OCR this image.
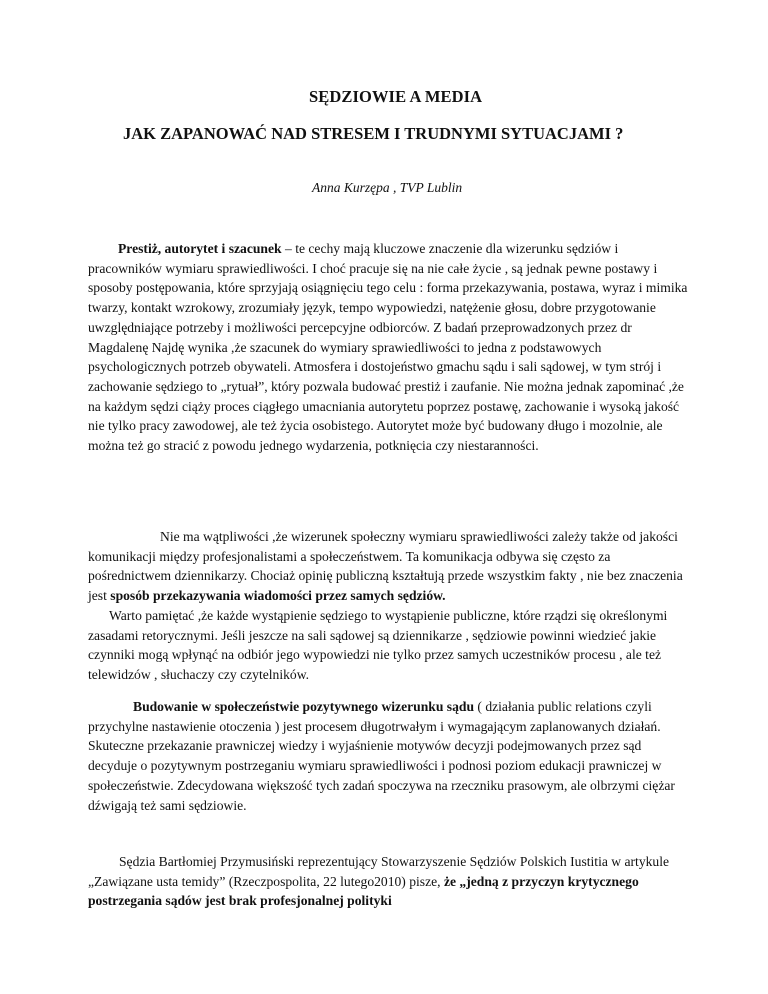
SĘDZIOWIE A MEDIA
JAK ZAPANOWAĆ NAD STRESEM I TRUDNYMI SYTUACJAMI ?
Anna Kurzępa , TVP Lublin

Prestiż, autorytet i szacunek – te cechy mają kluczowe znaczenie dla wizerunku sędziów i pracowników wymiaru sprawiedliwości. I choć pracuje się na nie całe życie , są jednak pewne postawy i sposoby postępowania, które sprzyjają osiągnięciu tego celu : forma przekazywania, postawa, wyraz i mimika twarzy, kontakt wzrokowy, zrozumiały język, tempo wypowiedzi, natężenie głosu, dobre przygotowanie uwzględniające potrzeby i możliwości percepcyjne odbiorców. Z badań przeprowadzonych przez dr Magdalenę Najdę wynika ,że szacunek do wymiary sprawiedliwości to jedna z podstawowych psychologicznych potrzeb obywateli. Atmosfera i dostojeństwo gmachu sądu i sali sądowej, w tym strój i zachowanie sędziego to „rytuał”, który pozwala budować prestiż i zaufanie. Nie można jednak zapominać ,że na każdym sędzi ciąży proces ciągłego umacniania autorytetu poprzez postawę, zachowanie i wysoką jakość nie tylko pracy zawodowej, ale też życia osobistego. Autorytet może być budowany długo i mozolnie, ale można też go stracić z powodu jednego wydarzenia, potknięcia czy niestaranności.

Nie ma wątpliwości ,że wizerunek społeczny wymiaru sprawiedliwości zależy także od jakości komunikacji między profesjonalistami a społeczeństwem. Ta komunikacja odbywa się często za pośrednictwem dziennikarzy. Chociaż opinię publiczną kształtują przede wszystkim fakty , nie bez znaczenia jest sposób przekazywania wiadomości przez samych sędziów.

Warto pamiętać ,że każde wystąpienie sędziego to wystąpienie publiczne, które rządzi się określonymi zasadami retorycznymi. Jeśli jeszcze na sali sądowej są dziennikarze , sędziowie powinni wiedzieć jakie czynniki mogą wpłynąć na odbiór jego wypowiedzi nie tylko przez samych uczestników procesu , ale też telewidzów , słuchaczy czy czytelników.

Budowanie w społeczeństwie pozytywnego wizerunku sądu ( działania public relations czyli przychylne nastawienie otoczenia ) jest procesem długotrwałym i wymagającym zaplanowanych działań. Skuteczne przekazanie prawniczej wiedzy i wyjaśnienie motywów decyzji podejmowanych przez sąd decyduje o pozytywnym postrzeganiu wymiaru sprawiedliwości i podnosi poziom edukacji prawniczej w społeczeństwie. Zdecydowana większość tych zadań spoczywa na rzeczniku prasowym, ale olbrzymi ciężar dźwigają też sami sędziowie.

Sędzia Bartłomiej Przymusiński reprezentujący Stowarzyszenie Sędziów Polskich Iustitia w artykule „Zawiązane usta temidy” (Rzeczpospolita, 22 lutego2010) pisze, że „jedną z przyczyn krytycznego postrzegania sądów jest brak profesjonalnej polityki
